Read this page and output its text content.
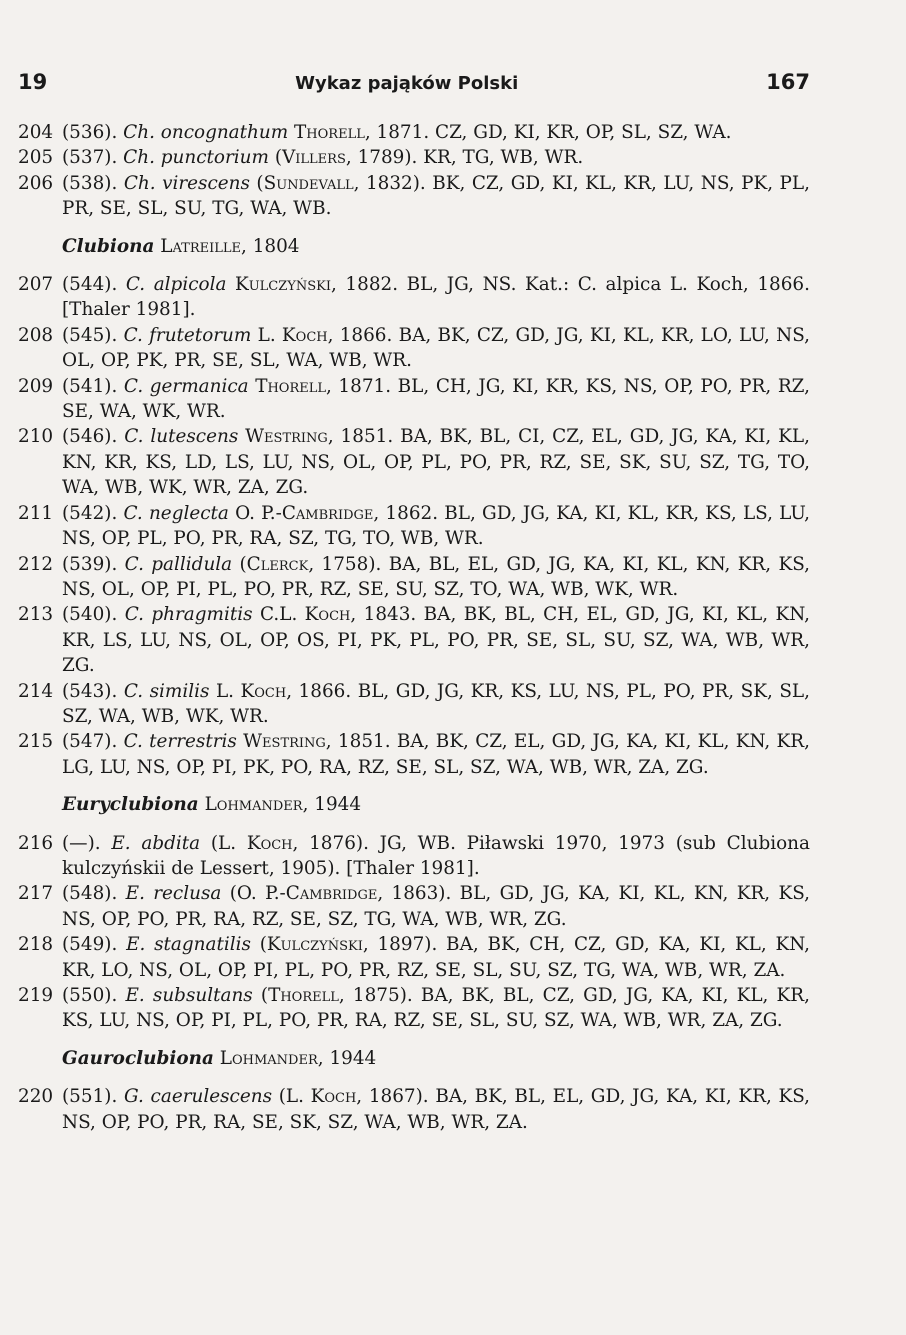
19	Wykaz pająków Polski	167
204 (536). Ch. oncognathum Thorell, 1871. CZ, GD, KI, KR, OP, SL, SZ, WA.
205 (537). Ch. punctorium (Villers, 1789). KR, TG, WB, WR.
206 (538). Ch. virescens (Sundevall, 1832). BK, CZ, GD, KI, KL, KR, LU, NS, PK, PL, PR, SE, SL, SU, TG, WA, WB.
Clubiona Latreille, 1804
207 (544). C. alpicola Kulczyński, 1882. BL, JG, NS. Kat.: C. alpica L. Koch, 1866. [Thaler 1981].
208 (545). C. frutetorum L. Koch, 1866. BA, BK, CZ, GD, JG, KI, KL, KR, LO, LU, NS, OL, OP, PK, PR, SE, SL, WA, WB, WR.
209 (541). C. germanica Thorell, 1871. BL, CH, JG, KI, KR, KS, NS, OP, PO, PR, RZ, SE, WA, WK, WR.
210 (546). C. lutescens Westring, 1851. BA, BK, BL, CI, CZ, EL, GD, JG, KA, KI, KL, KN, KR, KS, LD, LS, LU, NS, OL, OP, PL, PO, PR, RZ, SE, SK, SU, SZ, TG, TO, WA, WB, WK, WR, ZA, ZG.
211 (542). C. neglecta O. P.-Cambridge, 1862. BL, GD, JG, KA, KI, KL, KR, KS, LS, LU, NS, OP, PL, PO, PR, RA, SZ, TG, TO, WB, WR.
212 (539). C. pallidula (Clerck, 1758). BA, BL, EL, GD, JG, KA, KI, KL, KN, KR, KS, NS, OL, OP, PI, PL, PO, PR, RZ, SE, SU, SZ, TO, WA, WB, WK, WR.
213 (540). C. phragmitis C.L. Koch, 1843. BA, BK, BL, CH, EL, GD, JG, KI, KL, KN, KR, LS, LU, NS, OL, OP, OS, PI, PK, PL, PO, PR, SE, SL, SU, SZ, WA, WB, WR, ZG.
214 (543). C. similis L. Koch, 1866. BL, GD, JG, KR, KS, LU, NS, PL, PO, PR, SK, SL, SZ, WA, WB, WK, WR.
215 (547). C. terrestris Westring, 1851. BA, BK, CZ, EL, GD, JG, KA, KI, KL, KN, KR, LG, LU, NS, OP, PI, PK, PO, RA, RZ, SE, SL, SZ, WA, WB, WR, ZA, ZG.
Euryclubiona Lohmander, 1944
216 (—). E. abdita (L. Koch, 1876). JG, WB. Piławski 1970, 1973 (sub Clubiona kulczyńskii de Lessert, 1905). [Thaler 1981].
217 (548). E. reclusa (O. P.-Cambridge, 1863). BL, GD, JG, KA, KI, KL, KN, KR, KS, NS, OP, PO, PR, RA, RZ, SE, SZ, TG, WA, WB, WR, ZG.
218 (549). E. stagnatilis (Kulczyński, 1897). BA, BK, CH, CZ, GD, KA, KI, KL, KN, KR, LO, NS, OL, OP, PI, PL, PO, PR, RZ, SE, SL, SU, SZ, TG, WA, WB, WR, ZA.
219 (550). E. subsultans (Thorell, 1875). BA, BK, BL, CZ, GD, JG, KA, KI, KL, KR, KS, LU, NS, OP, PI, PL, PO, PR, RA, RZ, SE, SL, SU, SZ, WA, WB, WR, ZA, ZG.
Gauroclubiona Lohmander, 1944
220 (551). G. caerulescens (L. Koch, 1867). BA, BK, BL, EL, GD, JG, KA, KI, KR, KS, NS, OP, PO, PR, RA, SE, SK, SZ, WA, WB, WR, ZA.
